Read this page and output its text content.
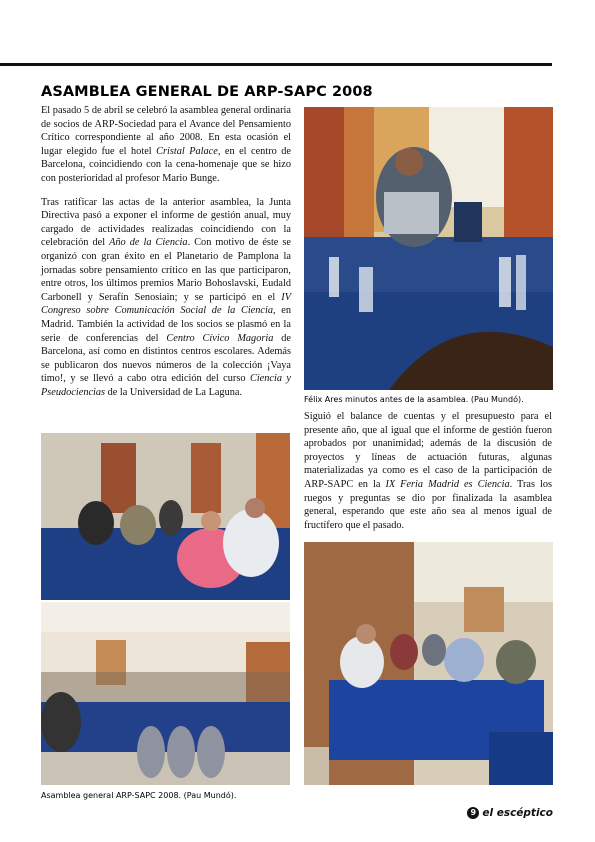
ASAMBLEA GENERAL DE ARP-SAPC 2008

El pasado 5 de abril se celebró la asamblea general ordinaria de socios de ARP-Sociedad para el Avance del Pensamiento Crítico correspondiente al año 2008. En esta ocasión el lugar elegido fue el hotel Cristal Palace, en el centro de Barcelona, coincidiendo con la cena-homenaje que se hizo con posterioridad al profesor Mario Bunge.

Tras ratificar las actas de la anterior asamblea, la Junta Directiva pasó a exponer el informe de gestión anual, muy cargado de actividades realizadas coincidiendo con la celebración del Año de la Ciencia. Con motivo de éste se organizó con gran éxito en el Planetario de Pamplona la jornadas sobre pensamiento crítico en las que participaron, entre otros, los últimos premios Mario Bohoslavski, Eudald Carbonell y Serafín Senosiain; y se participó en el IV Congreso sobre Comunicación Social de la Ciencia, en Madrid. También la actividad de los socios se plasmó en la serie de conferencias del Centro Cívico Magoria de Barcelona, así como en distintos centros escolares. Además se publicaron dos nuevos números de la colección ¡Vaya timo!, y se llevó a cabo otra edición del curso Ciencia y Pseudociencias de la Universidad de La Laguna.

Félix Ares minutos antes de la asamblea. (Pau Mundó).

Siguió el balance de cuentas y el presupuesto para el presente año, que al igual que el informe de gestión fueron aprobados por unanimidad; además de la discusión de proyectos y líneas de actuación futuras, algunas materializadas ya como es el caso de la participación de ARP-SAPC en la IX Feria Madrid es Ciencia. Tras los ruegos y preguntas se dio por finalizada la asamblea general, esperando que este año sea al menos igual de fructífero que el pasado.

Asamblea general ARP-SAPC 2008. (Pau Mundó).
9 el escéptico
